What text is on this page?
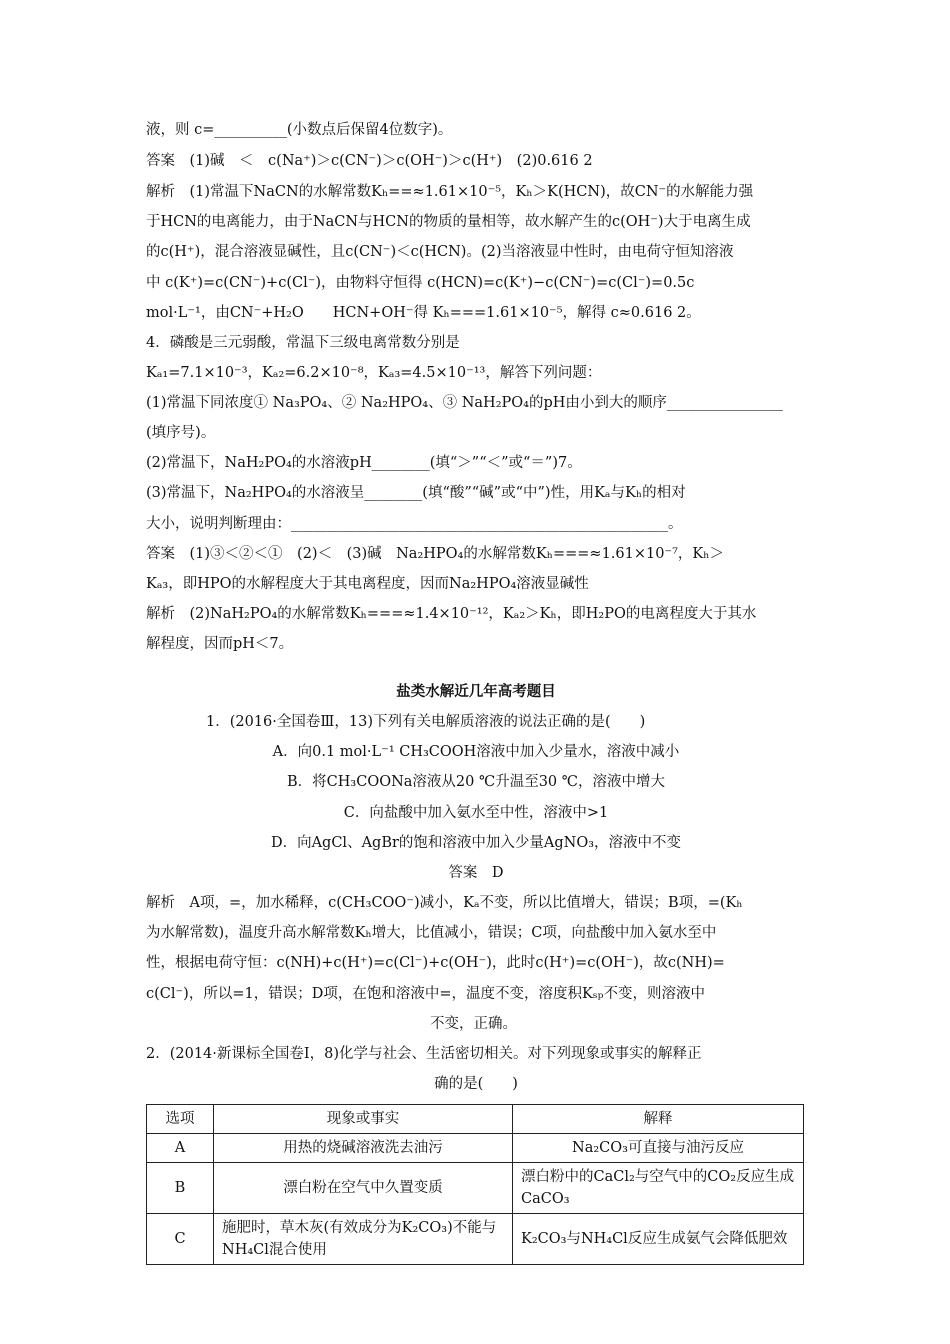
液，则 c=__________(小数点后保留4位数字)。
答案　(1)碱　＜　c(Na⁺)＞c(CN⁻)＞c(OH⁻)＞c(H⁺)　(2)0.616 2
解析　(1)常温下NaCN的水解常数Kₕ==≈1.61×10⁻⁵，Kₕ＞K(HCN)，故CN⁻的水解能力强
于HCN的电离能力，由于NaCN与HCN的物质的量相等，故水解产生的c(OH⁻)大于电离生成
的c(H⁺)，混合溶液显碱性，且c(CN⁻)＜c(HCN)。(2)当溶液显中性时，由电荷守恒知溶液
中 c(K⁺)=c(CN⁻)+c(Cl⁻)，由物料守恒得 c(HCN)=c(K⁺)−c(CN⁻)=c(Cl⁻)=0.5c
mol·L⁻¹，由CN⁻+H₂O　　HCN+OH⁻得 Kₕ===1.61×10⁻⁵，解得 c≈0.616 2。
4．磷酸是三元弱酸，常温下三级电离常数分别是
Kₐ₁=7.1×10⁻³，Kₐ₂=6.2×10⁻⁸，Kₐ₃=4.5×10⁻¹³，解答下列问题：
(1)常温下同浓度① Na₃PO₄、② Na₂HPO₄、③ NaH₂PO₄的pH由小到大的顺序________________
(填序号)。
(2)常温下，NaH₂PO₄的水溶液pH________(填“＞”“＜”或“＝”)7。
(3)常温下，Na₂HPO₄的水溶液呈________(填“酸”“碱”或“中”)性，用Kₐ与Kₕ的相对
大小，说明判断理由：____________________________________________________。
答案　(1)③＜②＜①　(2)＜　(3)碱　Na₂HPO₄的水解常数Kₕ===≈1.61×10⁻⁷，Kₕ＞
Kₐ₃，即HPO的水解程度大于其电离程度，因而Na₂HPO₄溶液显碱性
解析　(2)NaH₂PO₄的水解常数Kₕ===≈1.4×10⁻¹²，Kₐ₂＞Kₕ，即H₂PO的电离程度大于其水
解程度，因而pH＜7。
盐类水解近几年高考题目
1．(2016·全国卷Ⅲ，13)下列有关电解质溶液的说法正确的是(　　)
A．向0.1 mol·L⁻¹ CH₃COOH溶液中加入少量水，溶液中减小
B．将CH₃COONa溶液从20 ℃升温至30 ℃，溶液中增大
C．向盐酸中加入氨水至中性，溶液中>1
D．向AgCl、AgBr的饱和溶液中加入少量AgNO₃，溶液中不变
答案　D
解析　A项，=，加水稀释，c(CH₃COO⁻)减小，Kₐ不变，所以比值增大，错误；B项，=(Kₕ
为水解常数)，温度升高水解常数Kₕ增大，比值减小，错误；C项，向盐酸中加入氨水至中
性，根据电荷守恒：c(NH)+c(H⁺)=c(Cl⁻)+c(OH⁻)，此时c(H⁺)=c(OH⁻)，故c(NH)=
c(Cl⁻)，所以=1，错误；D项，在饱和溶液中=，温度不变，溶度积Kₛₚ不变，则溶液中
不变，正确。
2．(2014·新课标全国卷Ⅰ，8)化学与社会、生活密切相关。对下列现象或事实的解释正
确的是(　　)
选项	现象或事实	解释
A	用热的烧碱溶液洗去油污	Na₂CO₃可直接与油污反应
B	漂白粉在空气中久置变质	漂白粉中的CaCl₂与空气中的CO₂反应生成CaCO₃
C	施肥时，草木灰(有效成分为K₂CO₃)不能与NH₄Cl混合使用	K₂CO₃与NH₄Cl反应生成氨气会降低肥效
